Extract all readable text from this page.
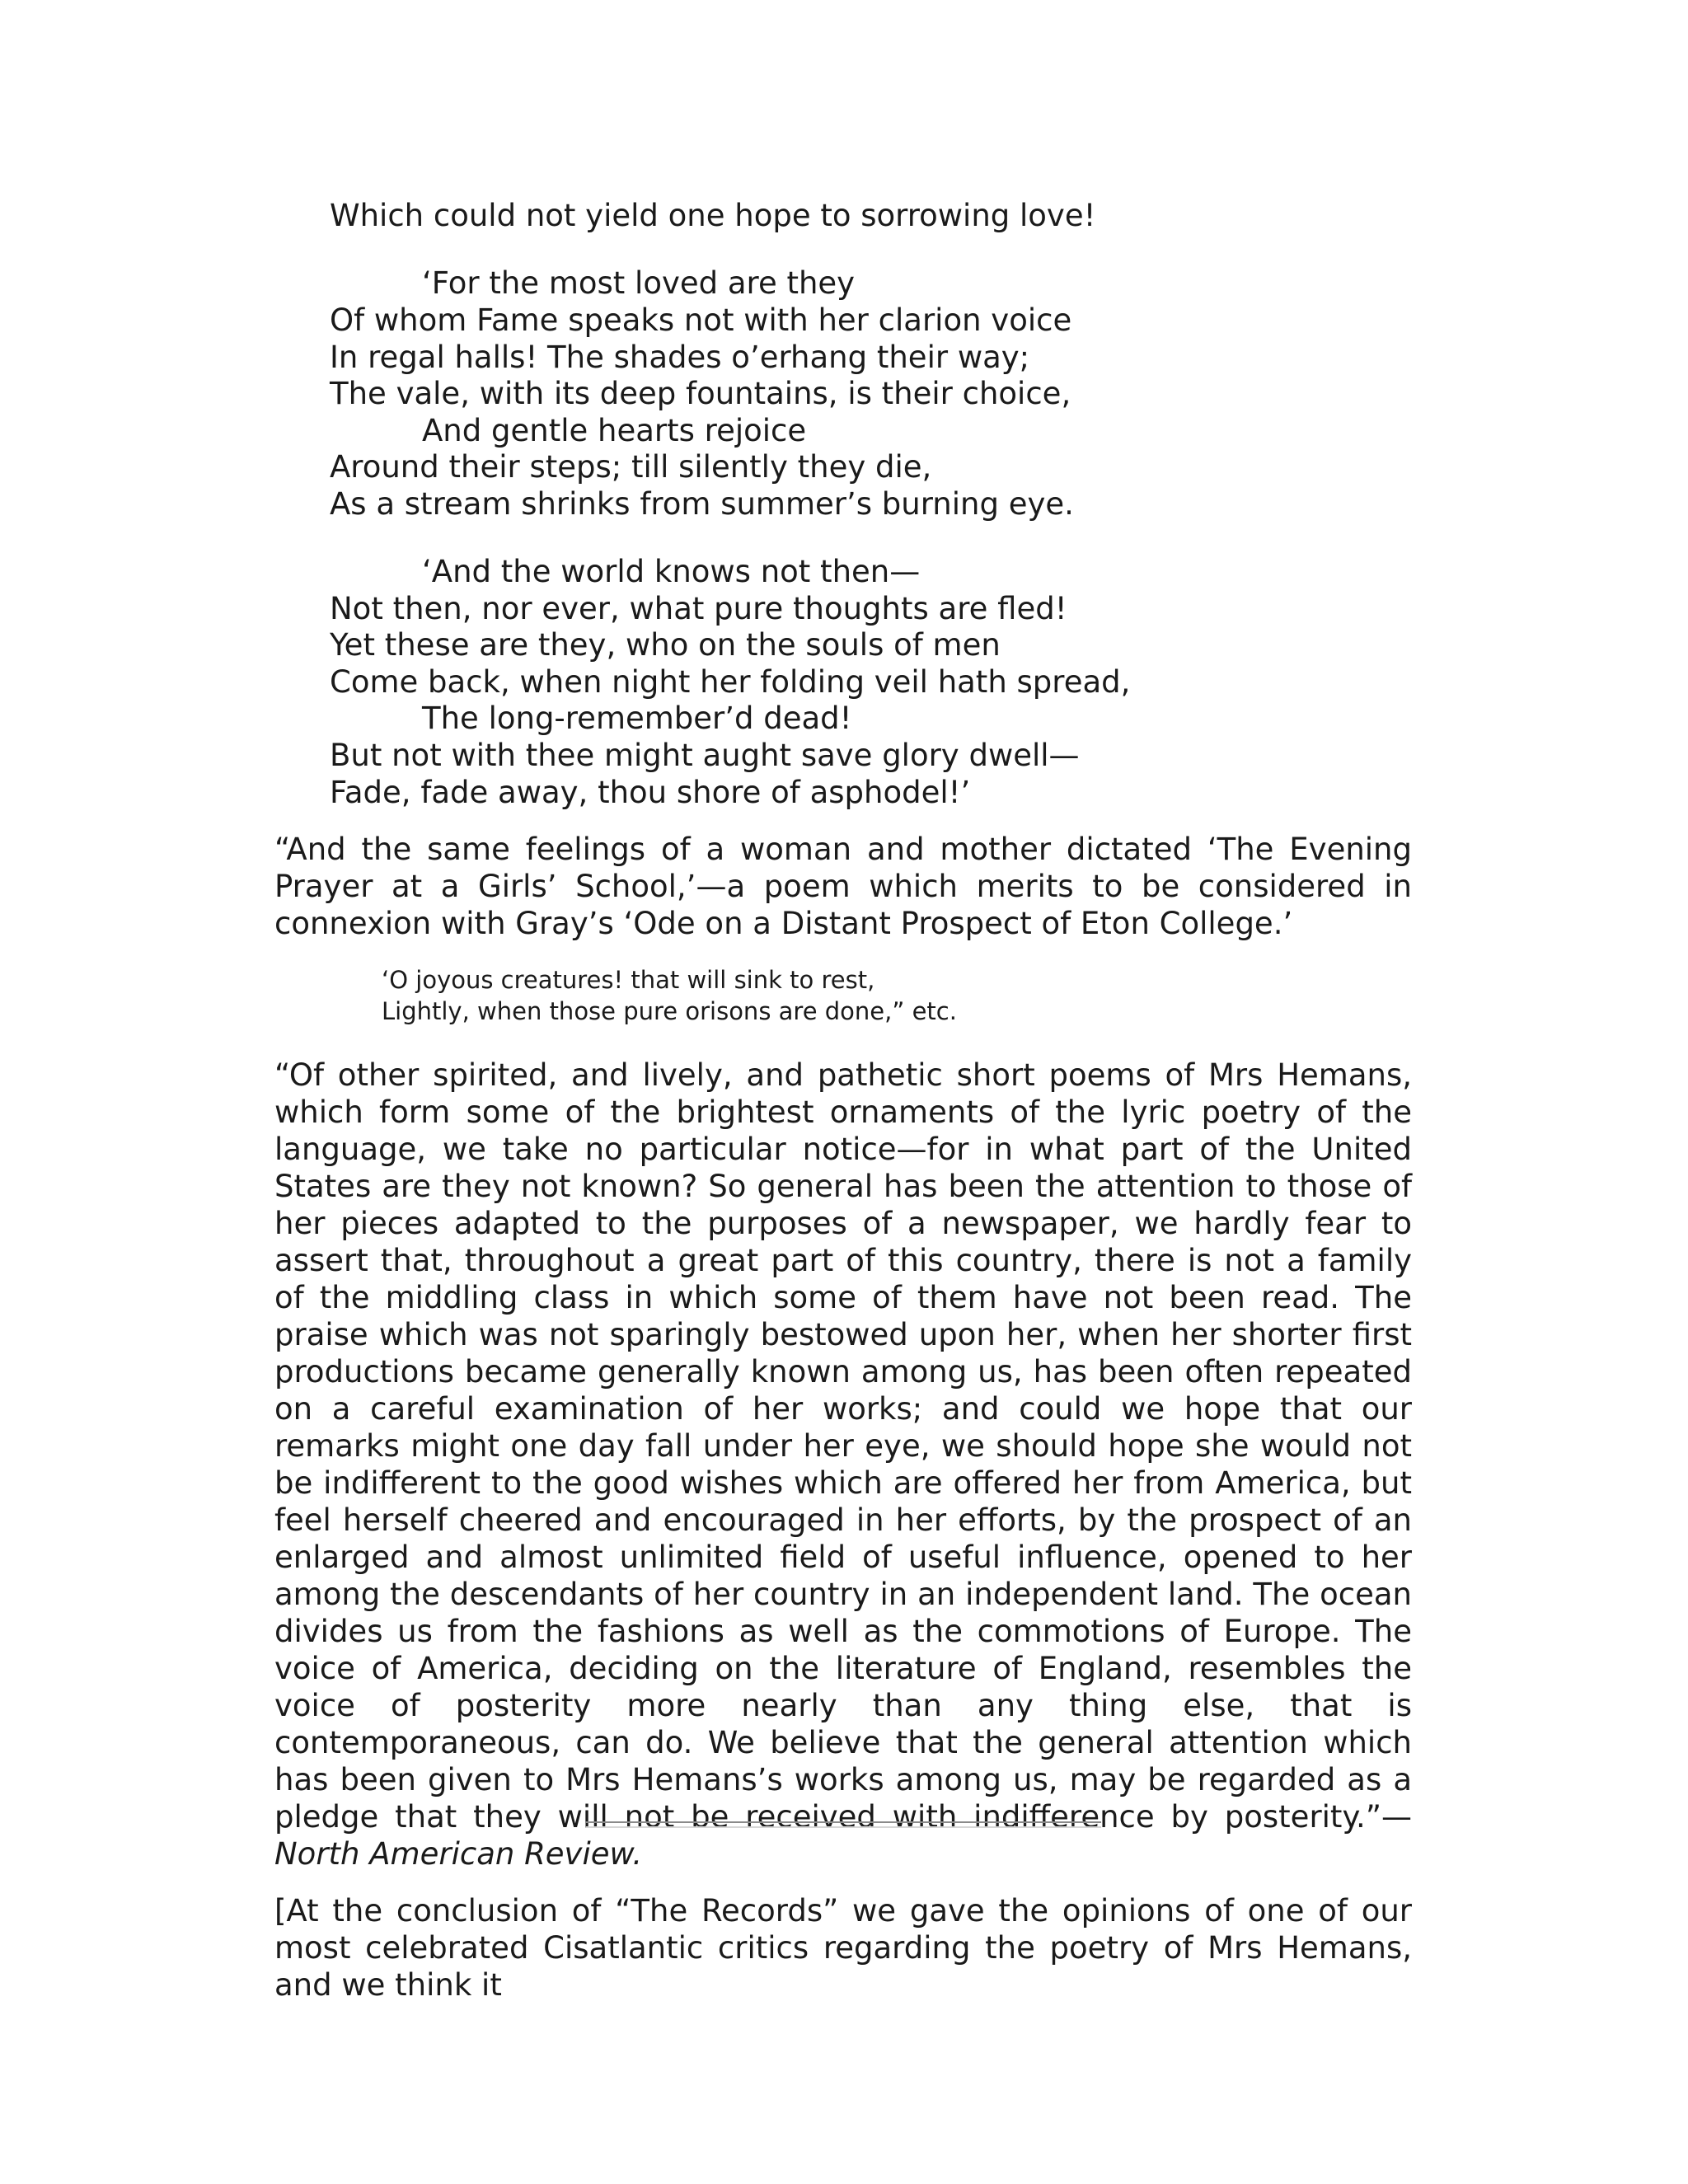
Which could not yield one hope to sorrowing love!
‘For the most loved are they
Of whom Fame speaks not with her clarion voice
In regal halls! The shades o’erhang their way;
The vale, with its deep fountains, is their choice,
And gentle hearts rejoice
Around their steps; till silently they die,
As a stream shrinks from summer’s burning eye.
‘And the world knows not then—
Not then, nor ever, what pure thoughts are fled!
Yet these are they, who on the souls of men
Come back, when night her folding veil hath spread,
The long-remember’d dead!
But not with thee might aught save glory dwell—
Fade, fade away, thou shore of asphodel!’

“And the same feelings of a woman and mother dictated ‘The Evening Prayer at a Girls’ School,’—a poem which merits to be considered in connexion with Gray’s ‘Ode on a Distant Prospect of Eton College.’

‘O joyous creatures! that will sink to rest,
Lightly, when those pure orisons are done,” etc.

“Of other spirited, and lively, and pathetic short poems of Mrs Hemans, which form some of the brightest ornaments of the lyric poetry of the language, we take no particular notice—for in what part of the United States are they not known? So general has been the attention to those of her pieces adapted to the purposes of a newspaper, we hardly fear to assert that, throughout a great part of this country, there is not a family of the middling class in which some of them have not been read. The praise which was not sparingly bestowed upon her, when her shorter first productions became generally known among us, has been often repeated on a careful examination of her works; and could we hope that our remarks might one day fall under her eye, we should hope she would not be indifferent to the good wishes which are offered her from America, but feel herself cheered and encouraged in her efforts, by the prospect of an enlarged and almost unlimited field of useful influence, opened to her among the descendants of her country in an independent land. The ocean divides us from the fashions as well as the commotions of Europe. The voice of America, deciding on the literature of England, resembles the voice of posterity more nearly than any thing else, that is contemporaneous, can do. We believe that the general attention which has been given to Mrs Hemans’s works among us, may be regarded as a pledge that they will not be received with indifference by posterity.”—North American Review.

[At the conclusion of “The Records” we gave the opinions of one of our most celebrated Cisatlantic critics regarding the poetry of Mrs Hemans, and we think it
